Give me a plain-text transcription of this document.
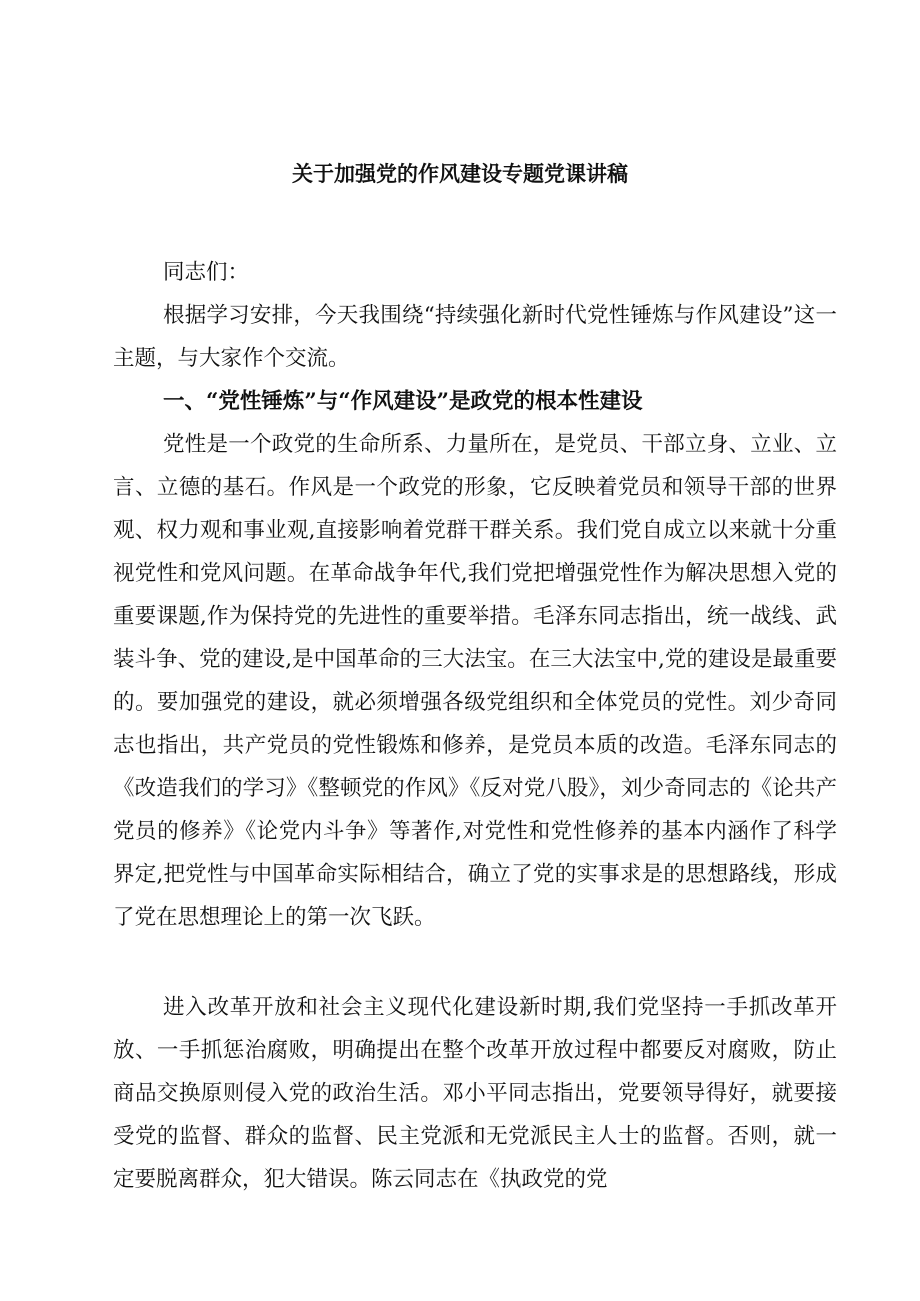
关于加强党的作风建设专题党课讲稿

同志们：

根据学习安排，今天我围绕“持续强化新时代党性锤炼与作风建设”这一主题，与大家作个交流。

一、“党性锤炼”与“作风建设”是政党的根本性建设

党性是一个政党的生命所系、力量所在，是党员、干部立身、立业、立言、立德的基石。作风是一个政党的形象，它反映着党员和领导干部的世界观、权力观和事业观,直接影响着党群干群关系。我们党自成立以来就十分重视党性和党风问题。在革命战争年代,我们党把增强党性作为解决思想入党的重要课题,作为保持党的先进性的重要举措。毛泽东同志指出，统一战线、武装斗争、党的建设,是中国革命的三大法宝。在三大法宝中,党的建设是最重要的。要加强党的建设，就必须增强各级党组织和全体党员的党性。刘少奇同志也指出，共产党员的党性锻炼和修养，是党员本质的改造。毛泽东同志的《改造我们的学习》《整顿党的作风》《反对党八股》，刘少奇同志的《论共产党员的修养》《论党内斗争》等著作,对党性和党性修养的基本内涵作了科学界定,把党性与中国革命实际相结合，确立了党的实事求是的思想路线，形成了党在思想理论上的第一次飞跃。

进入改革开放和社会主义现代化建设新时期,我们党坚持一手抓改革开放、一手抓惩治腐败，明确提出在整个改革开放过程中都要反对腐败，防止商品交换原则侵入党的政治生活。邓小平同志指出，党要领导得好，就要接受党的监督、群众的监督、民主党派和无党派民主人士的监督。否则，就一定要脱离群众，犯大错误。陈云同志在《执政党的党
